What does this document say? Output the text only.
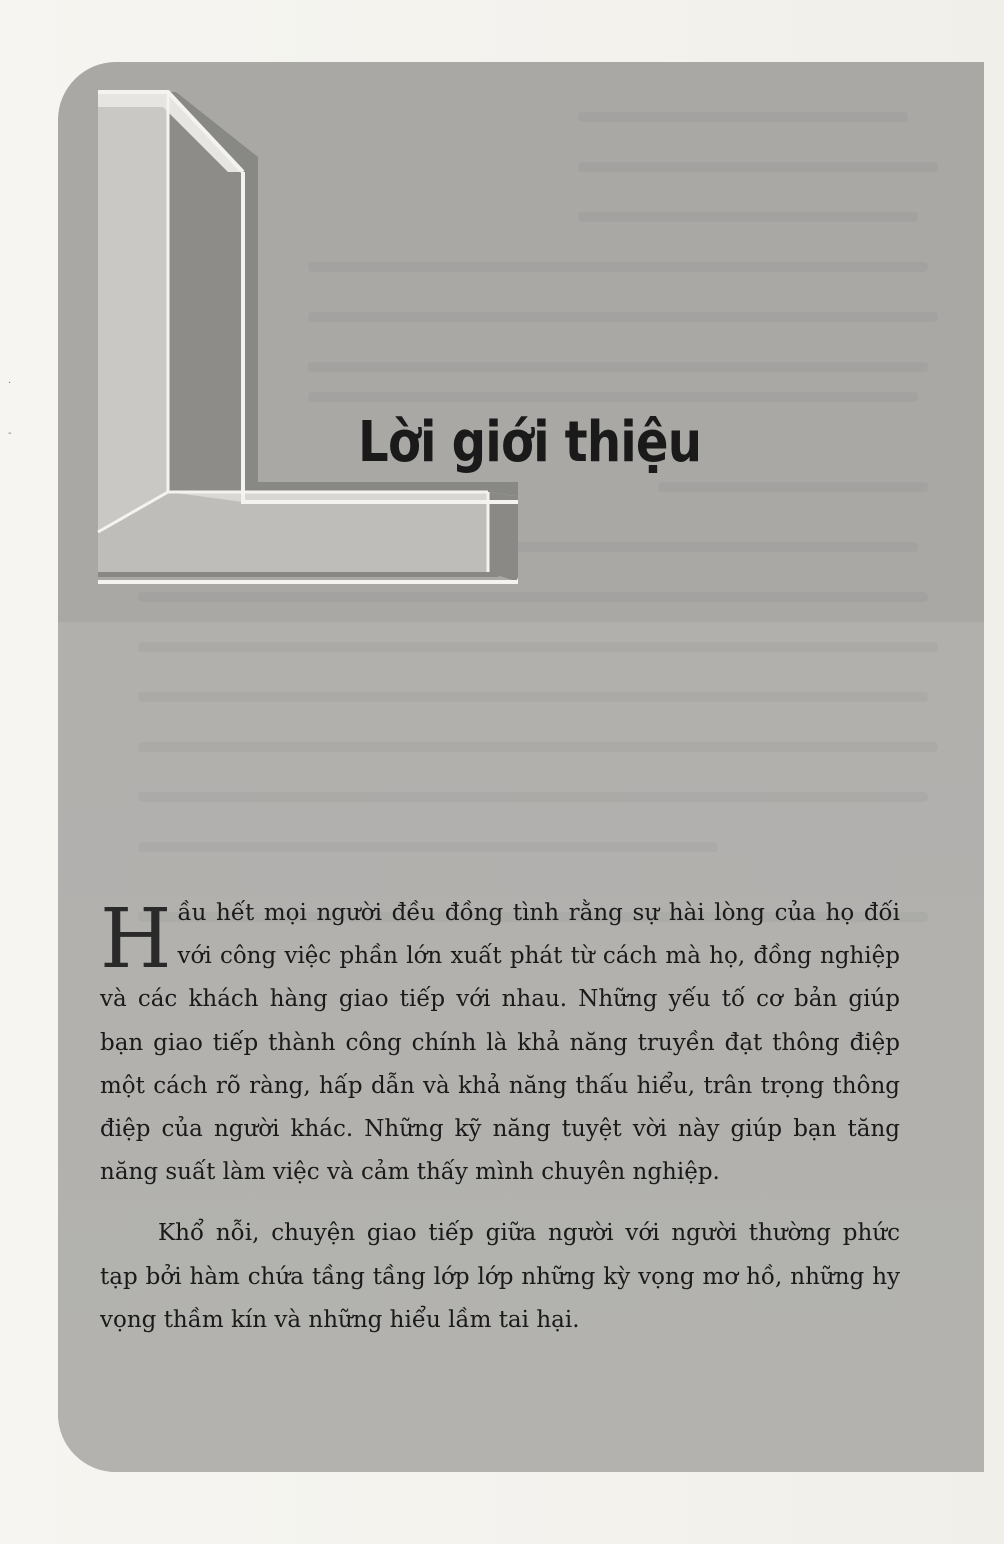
Lời giới thiệu

Hầu hết mọi người đều đồng tình rằng sự hài lòng của họ đối với công việc phần lớn xuất phát từ cách mà họ, đồng nghiệp và các khách hàng giao tiếp với nhau. Những yếu tố cơ bản giúp bạn giao tiếp thành công chính là khả năng truyền đạt thông điệp một cách rõ ràng, hấp dẫn và khả năng thấu hiểu, trân trọng thông điệp của người khác. Những kỹ năng tuyệt vời này giúp bạn tăng năng suất làm việc và cảm thấy mình chuyên nghiệp.

Khổ nỗi, chuyện giao tiếp giữa người với người thường phức tạp bởi hàm chứa tầng tầng lớp lớp những kỳ vọng mơ hồ, những hy vọng thầm kín và những hiểu lầm tai hại.

·
-
